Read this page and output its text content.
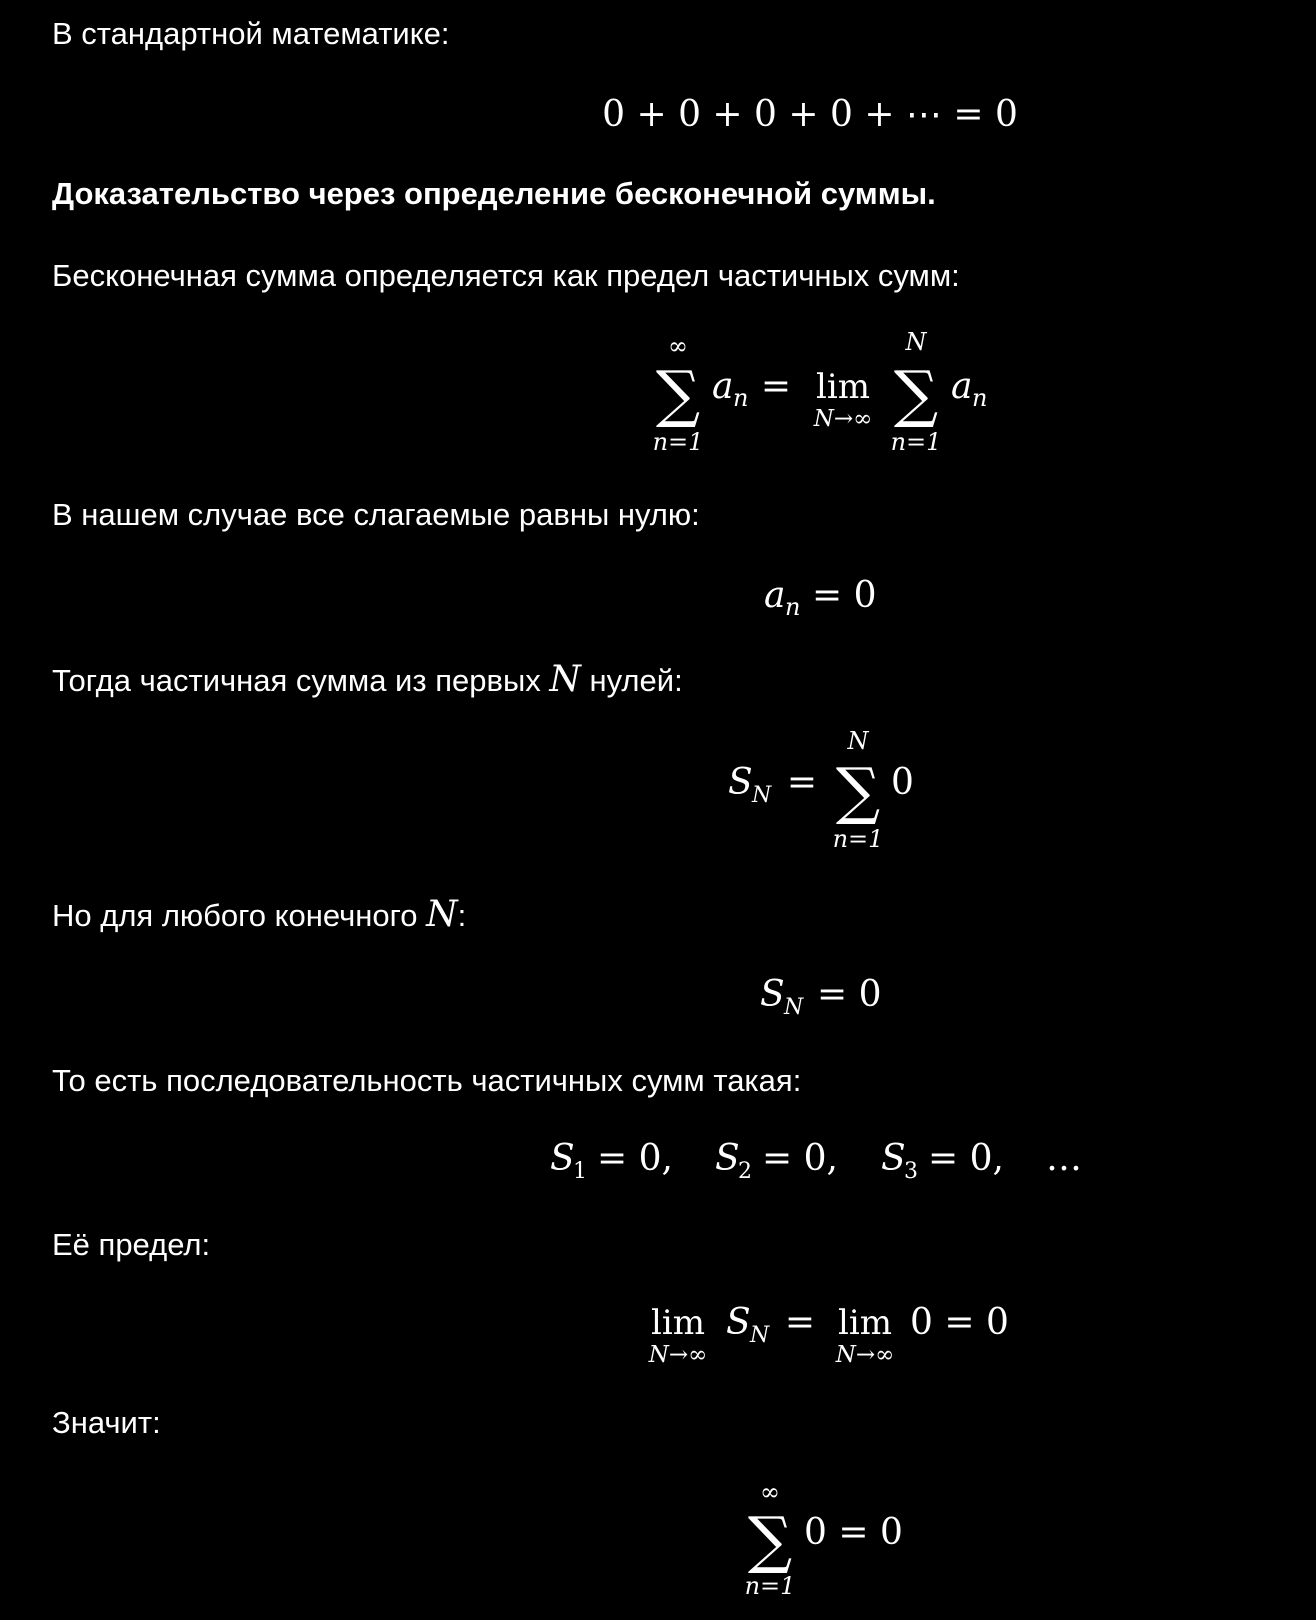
В стандартной математике:
0 + 0 + 0 + 0 + ⋯ = 0
Доказательство через определение бесконечной суммы.
Бесконечная сумма определяется как предел частичных сумм:
∞
∑
n=1
a n = lim
N→∞
N
∑
n=1
a n
В нашем случае все слагаемые равны нулю:
a n = 0
Тогда частичная сумма из первых N нулей:
S N =
N
∑
n=1
0
Но для любого конечного N:
S N = 0
То есть последовательность частичных сумм такая:
S
1 = 0, S
2 = 0, S
3 = 0, …
Её предел:
lim
N→∞
S N = lim
N→∞
0 = 0
Значит:
∞
∑
n=1
0 = 0
